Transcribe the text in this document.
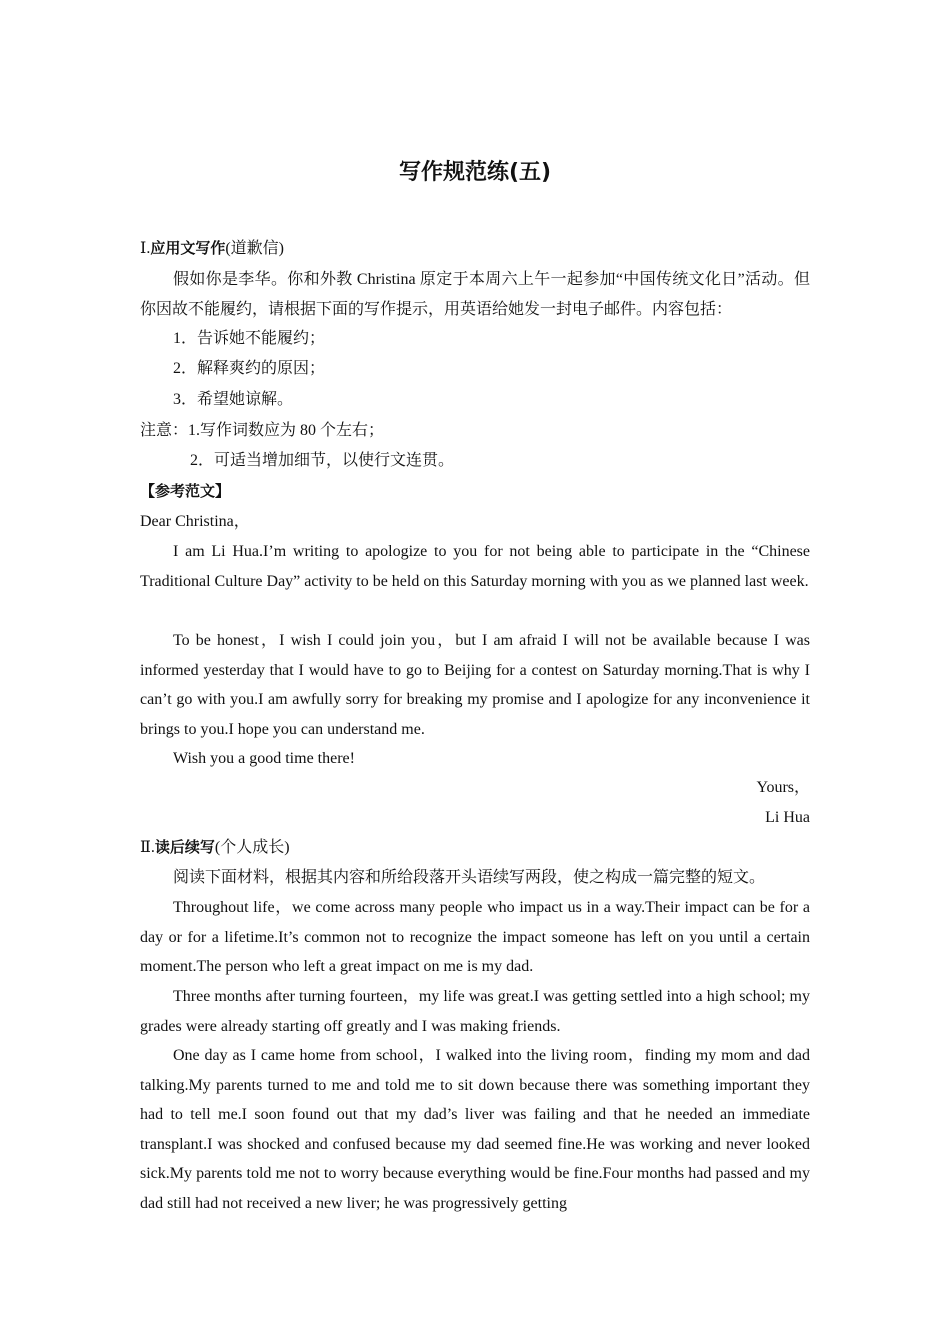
写作规范练(五)
Ⅰ.应用文写作(道歉信)
假如你是李华。你和外教 Christina 原定于本周六上午一起参加“中国传统文化日”活动。但你因故不能履约，请根据下面的写作提示，用英语给她发一封电子邮件。内容包括：
1．告诉她不能履约；
2．解释爽约的原因；
3．希望她谅解。
注意：1.写作词数应为 80 个左右；
2．可适当增加细节，以使行文连贯。
【参考范文】
Dear Christina，
I am Li Hua.I’m writing to apologize to you for not being able to participate in the “Chinese Traditional Culture Day” activity to be held on this Saturday morning with you as we planned last week.
To be honest，I wish I could join you，but I am afraid I will not be available because I was informed yesterday that I would have to go to Beijing for a contest on Saturday morning.That is why I can’t go with you.I am awfully sorry for breaking my promise and I apologize for any inconvenience it brings to you.I hope you can understand me.
Wish you a good time there!
Yours，
Li Hua
Ⅱ.读后续写(个人成长)
阅读下面材料，根据其内容和所给段落开头语续写两段，使之构成一篇完整的短文。
Throughout life，we come across many people who impact us in a way.Their impact can be for a day or for a lifetime.It’s common not to recognize the impact someone has left on you until a certain moment.The person who left a great impact on me is my dad.
Three months after turning fourteen，my life was great.I was getting settled into a high school; my grades were already starting off greatly and I was making friends.
One day as I came home from school，I walked into the living room，finding my mom and dad talking.My parents turned to me and told me to sit down because there was something important they had to tell me.I soon found out that my dad’s liver was failing and that he needed an immediate transplant.I was shocked and confused because my dad seemed fine.He was working and never looked sick.My parents told me not to worry because everything would be fine.Four months had passed and my dad still had not received a new liver; he was progressively getting
